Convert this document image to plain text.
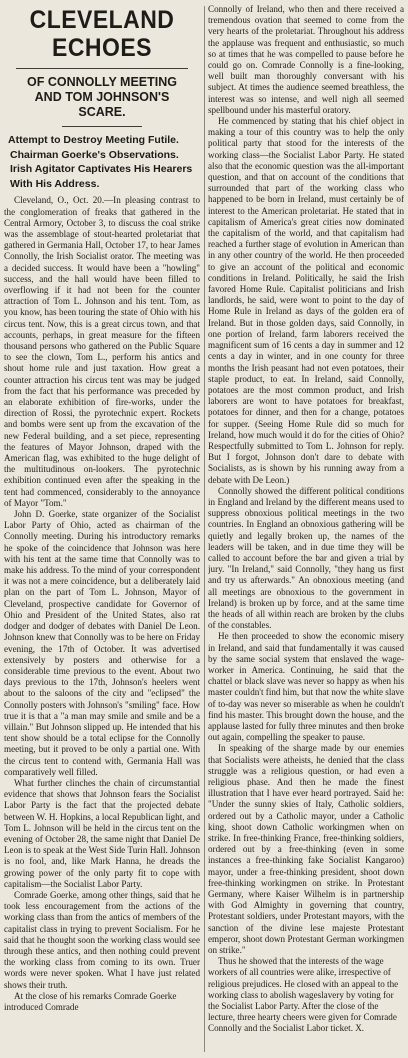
CLEVELAND ECHOES
OF CONNOLLY MEETING AND TOM JOHNSON'S SCARE.
Attempt to Destroy Meeting Futile. Chairman Goerke's Observations. Irish Agitator Captivates His Hearers With His Address.

Cleveland, O., Oct. 20.—In pleasing contrast to the conglomeration of freaks that gathered in the Central Armory, October 3, to discuss the coal strike was the assemblage of stout-hearted proletariat that gathered in Germania Hall, October 17, to hear James Connolly, the Irish Socialist orator. The meeting was a decided success. It would have been a "howling" success, and the hall would have been filled to overflowing if it had not been for the counter attraction of Tom L. Johnson and his tent. Tom, as you know, has been touring the state of Ohio with his circus tent. Now, this is a great circus town, and that accounts, perhaps, in great measure for the fifteen thousand persons who gathered on the Public Square to see the clown, Tom L., perform his antics and shout home rule and just taxation. How great a counter attraction his circus tent was may be judged from the fact that his performance was preceded by an elaborate exhibition of fire-works, under the direction of Rossi, the pyrotechnic expert. Rockets and bombs were sent up from the excavation of the new Federal building, and a set piece, representing the features of Mayor Johnson, draped with the American flag, was exhibited to the huge delight of the multitudinous on-lookers. The pyrotechnic exhibition continued even after the speaking in the tent had commenced, considerably to the annoyance of Mayor "Tom."

John D. Goerke, state organizer of the Socialist Labor Party of Ohio, acted as chairman of the Connolly meeting. During his introductory remarks he spoke of the coincidence that Johnson was here with his tent at the same time that Connolly was to make his address. To the mind of your correspondent it was not a mere coincidence, but a deliberately laid plan on the part of Tom L. Johnson, Mayor of Cleveland, prospective candidate for Governor of Ohio and President of the United States, also rat dodger and dodger of debates with Daniel De Leon. Johnson knew that Connolly was to be here on Friday evening, the 17th of October. It was advertised extensively by posters and otherwise for a considerable time previous to the event. About two days previous to the 17th, Johnson's heelers went about to the saloons of the city and "eclipsed" the Connolly posters with Johnson's "smiling" face. How true it is that a "a man may smile and smile and be a villain." But Johnson slipped up. He intended that his tent show should be a total eclipse for the Connolly meeting, but it proved to be only a partial one. With the circus tent to contend with, Germania Hall was comparatively well filled.

What further clinches the chain of circumstantial evidence that shows that Johnson fears the Socialist Labor Party is the fact that the projected debate between W. H. Hopkins, a local Republican light, and Tom L. Johnson will be held in the circus tent on the evening of October 28, the same night that Daniel De Leon is to speak at the West Side Turin Hall. Johnson is no fool, and, like Mark Hanna, he dreads the growing power of the only party fit to cope with capitalism—the Socialist Labor Party.

Comrade Goerke, among other things, said that he took less encouragement from the actions of the working class than from the antics of members of the capitalist class in trying to prevent Socialism. For he said that he thought soon the working class would see through these antics, and then nothing could prevent the working class from coming to its own. Truer words were never spoken. What I have just related shows their truth.

At the close of his remarks Comrade Goerke introduced Comrade

Connolly of Ireland, who then and there received a tremendous ovation that seemed to come from the very hearts of the proletariat. Throughout his address the applause was frequent and enthusiastic, so much so at times that he was compelled to pause before he could go on. Comrade Connolly is a fine-looking, well built man thoroughly conversant with his subject. At times the audience seemed breathless, the interest was so intense, and well nigh all seemed spellbound under his masterful oratory.

He commenced by stating that his chief object in making a tour of this country was to help the only political party that stood for the interests of the working class—the Socialist Labor Party. He stated also that the economic question was the all-important question, and that on account of the conditions that surrounded that part of the working class who happened to be born in Ireland, must certainly be of interest to the American proletariat. He stated that in capitalism of America's great cities now dominated the capitalism of the world, and that capitalism had reached a further stage of evolution in American than in any other country of the world. He then proceeded to give an account of the political and economic conditions in Ireland. Politically, he said the Irish favored Home Rule. Capitalist politicians and Irish landlords, he said, were wont to point to the day of Home Rule in Ireland as days of the golden era of Ireland. But in those golden days, said Connolly, in one portion of Ireland, farm laborers received the magnificent sum of 16 cents a day in summer and 12 cents a day in winter, and in one county for three months the Irish peasant had not even potatoes, their staple product, to eat. In Ireland, said Connolly, potatoes are the most common product, and Irish laborers are wont to have potatoes for breakfast, potatoes for dinner, and then for a change, potatoes for supper. (Seeing Home Rule did so much for Ireland, how much would it do for the cities of Ohio? Respectfully submitted to Tom L. Johnson for reply. But I forgot, Johnson don't dare to debate with Socialists, as is shown by his running away from a debate with De Leon.)

Connolly showed the different political conditions in England and Ireland by the different means used to suppress obnoxious political meetings in the two countries. In England an obnoxious gathering will be quietly and legally broken up, the names of the leaders will be taken, and in due time they will be called to account before the bar and given a trial by jury. "In Ireland," said Connolly, "they hang us first and try us afterwards." An obnoxious meeting (and all meetings are obnoxious to the government in Ireland) is broken up by force, and at the same time the heads of all within reach are broken by the clubs of the constables.

He then proceeded to show the economic misery in Ireland, and said that fundamentally it was caused by the same social system that enslaved the wage-worker in America. Continuing, he said that the chattel or black slave was never so happy as when his master couldn't find him, but that now the white slave of to-day was never so miserable as when he couldn't find his master. This brought down the house, and the applause lasted for fully three minutes and then broke out again, compelling the speaker to pause.

In speaking of the sharge made by our enemies that Socialists were atheists, he denied that the class struggle was a religious question, or had even a religious phase. And then he made the finest illustration that I have ever heard portrayed. Said he: "Under the sunny skies of Italy, Catholic soldiers, ordered out by a Catholic mayor, under a Catholic king, shoot down Catholic workingmen when on strike. In free-thinking France, free-thinking soldiers, ordered out by a free-thinking (even in some instances a free-thinking fake Socialist Kangaroo) mayor, under a free-thinking president, shoot down free-thinking workingmen on strike. In Protestant Germany, where Kaiser Wilhelm is in partnership with God Almighty in governing that country, Protestant soldiers, under Protestant mayors, with the sanction of the divine lese majeste Protestant emperor, shoot down Protestant German workingmen on strike."

Thus he showed that the interests of the wage workers of all countries were alike, irrespective of religious prejudices. He closed with an appeal to the working class to abolish wageslavery by voting for the Socialist Labor Party. After the close of the lecture, three hearty cheers were given for Comrade Connolly and the Socialist Labor ticket. X.
